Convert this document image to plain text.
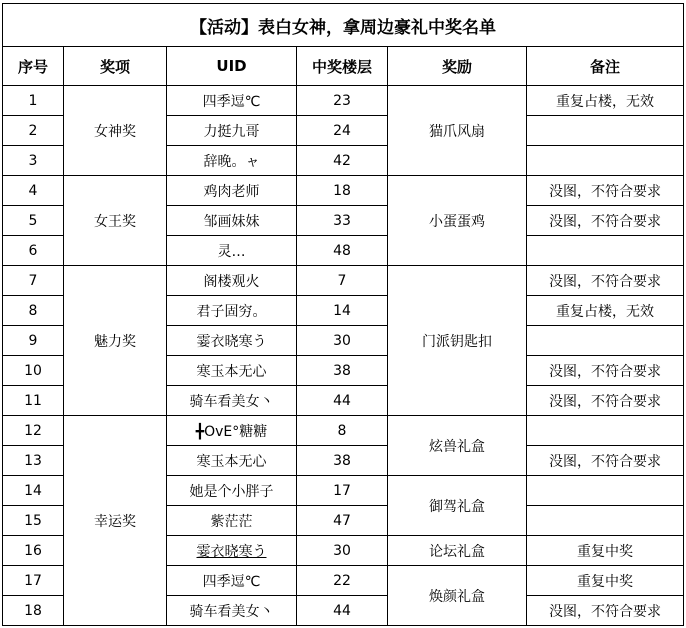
【活动】表白女神，拿周边豪礼中奖名单					
序号	奖项	UID	中奖楼层	奖励	备注
1	女神奖	四季逗℃	23	猫爪风扇	重复占楼，无效
2		力挺九哥	24		
3		辞晚。ャ	42		
4	女王奖	鸡肉老师	18	小蛋蛋鸡	没图，不符合要求
5		邹画妹妹	33		没图，不符合要求
6		灵…	48		
7	魅力奖	阁楼观火	7	门派钥匙扣	没图，不符合要求
8		君子固穷。	14		重复占楼，无效
9		霎衣晓寒う	30		
10		寒玉本无心	38		没图，不符合要求
11		骑车看美女丶	44		没图，不符合要求
12	幸运奖	╋OvE°糖糖	8	炫兽礼盒	
13		寒玉本无心	38		没图，不符合要求
14		她是个小胖子	17	御驾礼盒	
15		紫茫茫	47		
16		霎衣晓寒う	30	论坛礼盒	重复中奖
17		四季逗℃	22	焕颜礼盒	重复中奖
18		骑车看美女丶	44		没图，不符合要求
